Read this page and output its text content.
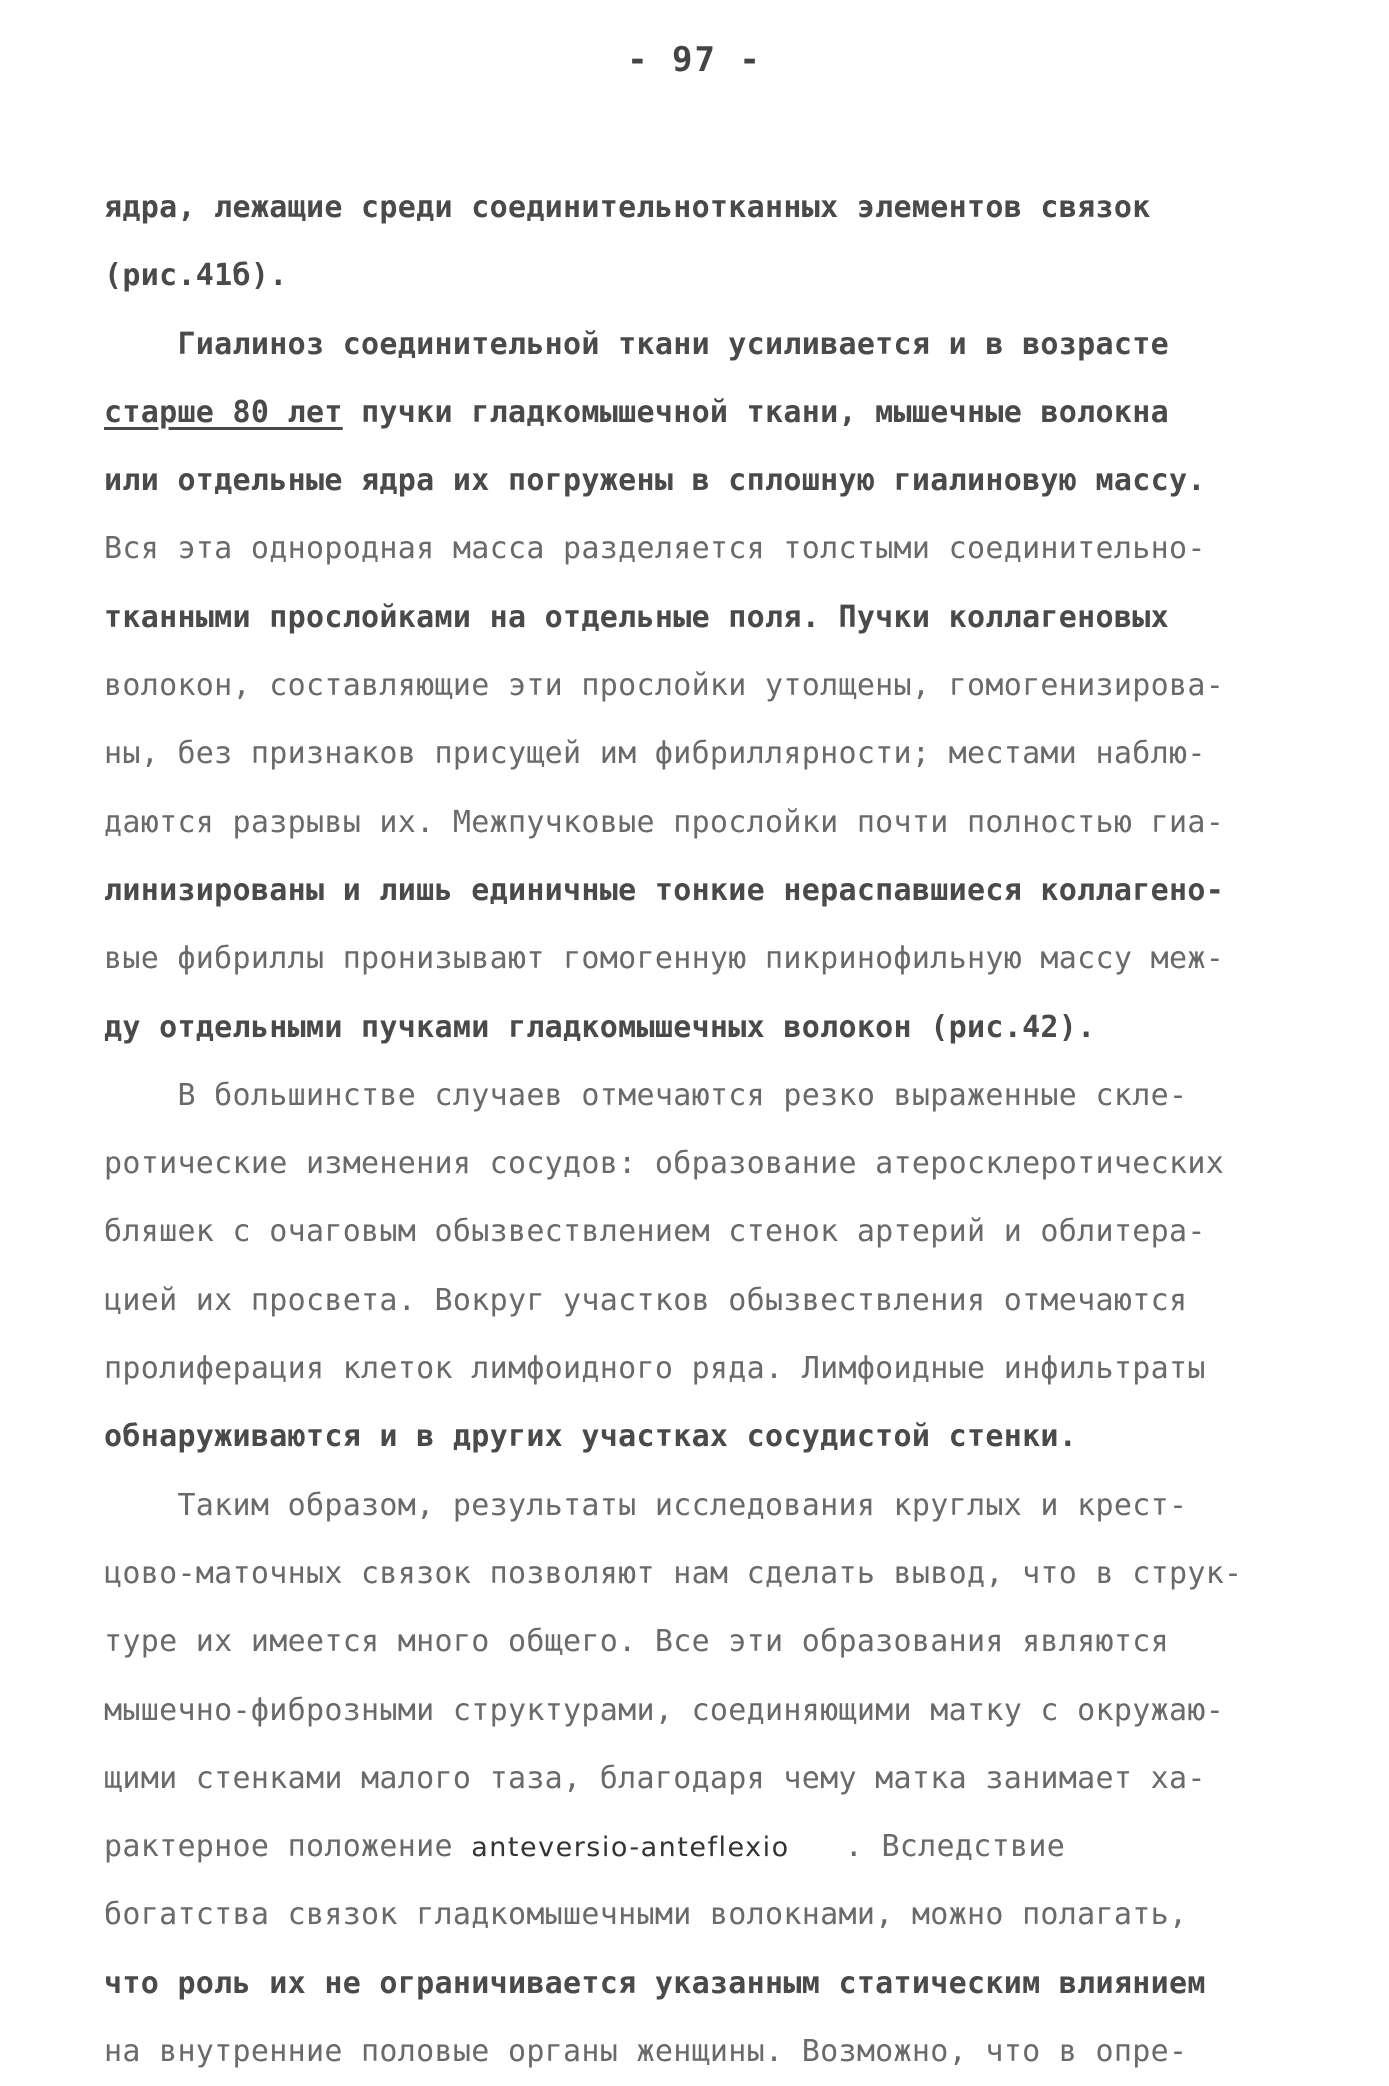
- 97 -
ядра, лежащие среди соединительнотканных элементов связок
(рис.41б).
Гиалиноз соединительной ткани усиливается и в возрасте
старше 80 лет пучки гладкомышечной ткани, мышечные волокна
или отдельные ядра их погружены в сплошную гиалиновую массу.
Вся эта однородная масса разделяется толстыми соединительно-
тканными прослойками на отдельные поля. Пучки коллагеновых
волокон, составляющие эти прослойки утолщены, гомогенизирова-
ны, без признаков присущей им фибриллярности; местами наблю-
даются разрывы их. Межпучковые прослойки почти полностью гиа-
линизированы и лишь единичные тонкие нераспавшиеся коллагено-
вые фибриллы пронизывают гомогенную пикринофильную массу меж-
ду отдельными пучками гладкомышечных волокон (рис.42).
В большинстве случаев отмечаются резко выраженные скле-
ротические изменения сосудов: образование атеросклеротических
бляшек с очаговым обызвествлением стенок артерий и облитера-
цией их просвета. Вокруг участков обызвествления отмечаются
пролиферация клеток лимфоидного ряда. Лимфоидные инфильтраты
обнаруживаются и в других участках сосудистой стенки.
Таким образом, результаты исследования круглых и крест-
цово-маточных связок позволяют нам сделать вывод, что в струк-
туре их имеется много общего. Все эти образования являются
мышечно-фиброзными структурами, соединяющими матку с окружаю-
щими стенками малого таза, благодаря чему матка занимает ха-
рактерное положение anteversio-anteflexio . Вследствие
богатства связок гладкомышечными волокнами, можно полагать,
что роль их не ограничивается указанным статическим влиянием
на внутренние половые органы женщины. Возможно, что в опре-
